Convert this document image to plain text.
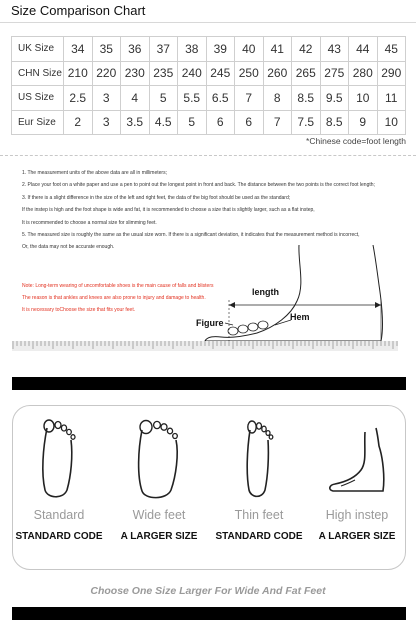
Size Comparison Chart
UK Size	34	35	36	37	38	39	40	41	42	43	44	45
CHN Size	210	220	230	235	240	245	250	260	265	275	280	290
US Size	2.5	3	4	5	5.5	6.5	7	8	8.5	9.5	10	11
Eur Size	2	3	3.5	4.5	5	6	6	7	7.5	8.5	9	10
*Chinese code=foot length
1. The measurement units of the above data are all in millimeters;
2. Place your foot on a white paper and use a pen to point out the longest point in front and back. The distance between the two points is the correct foot length;
3. If there is a slight difference in the size of the left and right feet, the data of the big foot should be used as the standard;
If the instep is high and the foot shape is wide and fat, it is recommended to choose a size that is slightly larger, such as a flat instep,
It is recommended to choose a normal size for slimming feet.
5. The measured size is roughly the same as the usual size worn. If there is a significant deviation, it indicates that the measurement method is incorrect,
Or, the data may not be accurate enough.
Note: Long-term wearing of uncomfortable shoes is the main cause of falls and blisters
The reason is that ankles and knees are also prone to injury and damage to health.
It is necessary toChoose the size that fits your feet.
length
Figure
Hem
Standard
STANDARD CODE
Wide feet
A LARGER SIZE
Thin feet
STANDARD CODE
High instep
A LARGER SIZE
Choose One Size Larger For Wide And Fat Feet
